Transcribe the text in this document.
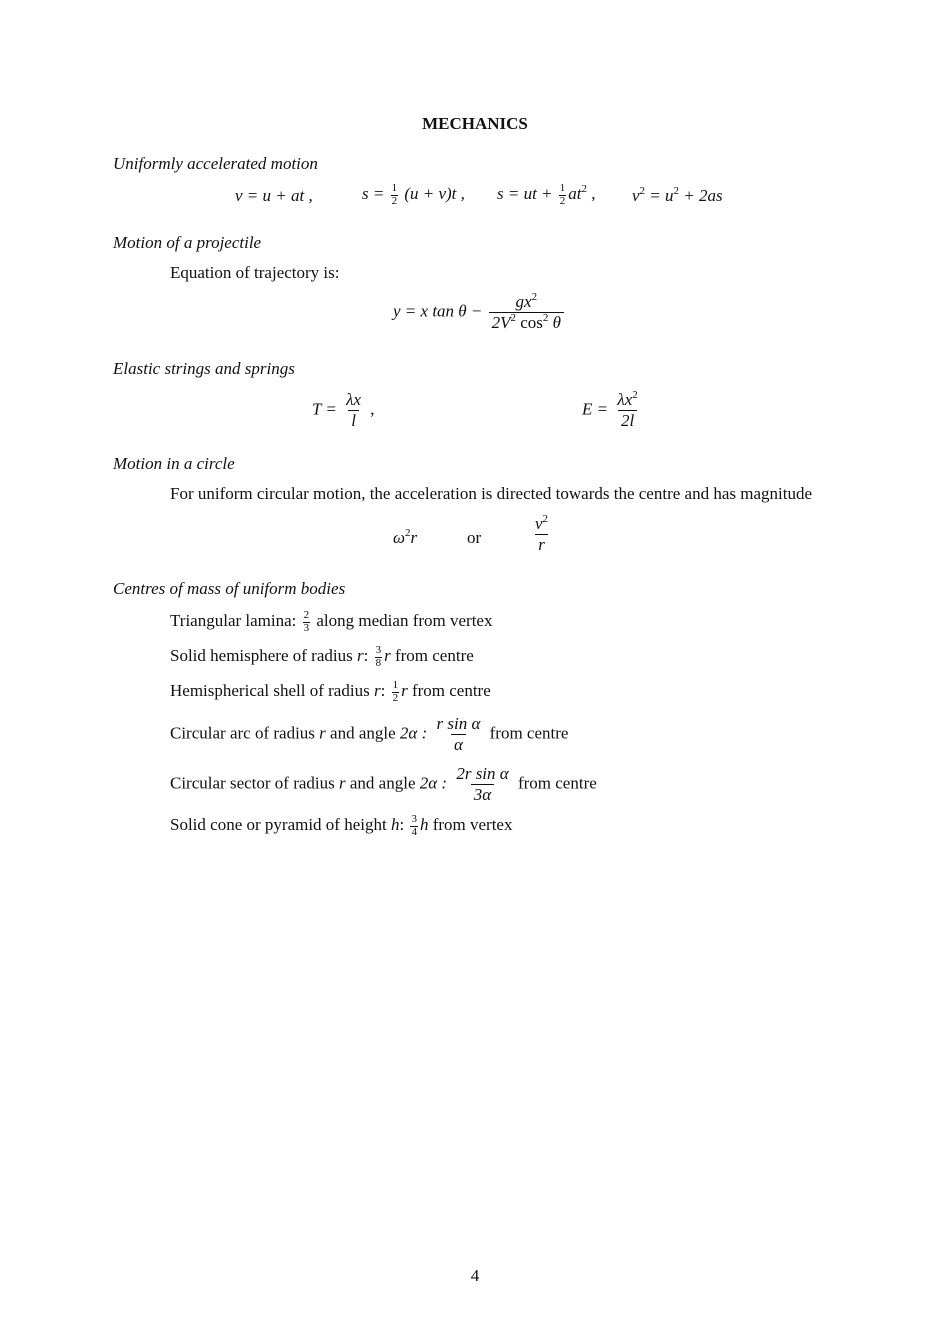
MECHANICS
Uniformly accelerated motion
v = u + at ,	$s = \frac{1}{2} (u + v)t$ , s = ut + $\frac{1}{2} at^2$ , $v^2 = u^2 + 2as$
Motion of a projectile
Equation of trajectory is:
y = x $\tan \theta - \frac{gx^2}{2V^2 \cos^2 \theta}$
Elastic strings and springs
$T = \frac{\lambda x}{l}$ ,	$E = \frac{\lambda x^2}{2l}$
Motion in a circle
For uniform circular motion, the acceleration is directed towards the centre and has magnitude
$\omega^2r$	or	$\frac{v^2}{r}$
Centres of mass of uniform bodies
Triangular lamina: $\frac{2}{3}$ along median from vertex
Solid hemisphere of radius r: $\frac{3}{8}$ r from centre
Hemispherical shell of radius r: $\frac{1}{2}$ r from centre
Circular arc of radius r and angle 2α : $\frac{\text{r sin α}}{\alpha}$ from centre
Circular sector of radius r and angle 2α : $\frac{\text{2r sin α}}{3\alpha}$ from centre
Solid cone or pyramid of height h: $\frac{3}{4}$ h from vertex
4
